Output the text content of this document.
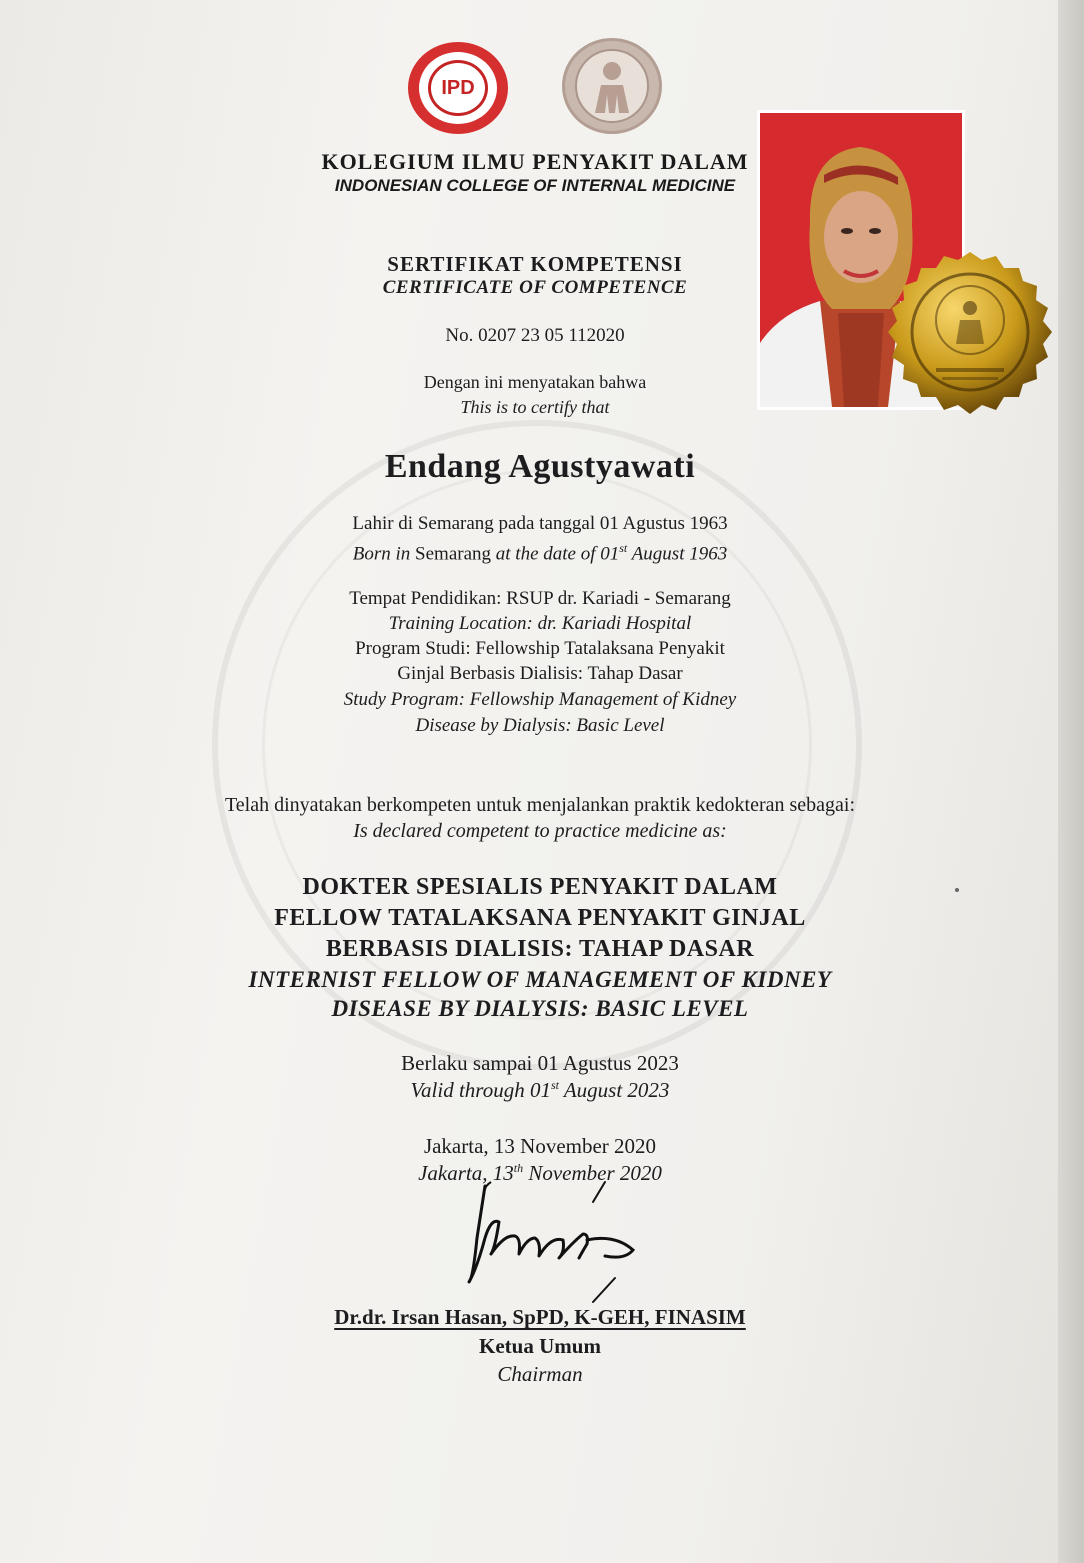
IPD
KOLEGIUM ILMU PENYAKIT DALAM
INDONESIAN COLLEGE OF INTERNAL MEDICINE
SERTIFIKAT KOMPETENSI
CERTIFICATE OF COMPETENCE
No. 0207 23 05 112020
Dengan ini menyatakan bahwa
This is to certify that
Endang Agustyawati
Lahir di Semarang pada tanggal 01 Agustus 1963
Born in Semarang at the date of 01st August 1963
Tempat Pendidikan: RSUP dr. Kariadi - Semarang
Training Location: dr. Kariadi Hospital
Program Studi: Fellowship Tatalaksana Penyakit
Ginjal Berbasis Dialisis: Tahap Dasar
Study Program: Fellowship Management of Kidney
Disease by Dialysis: Basic Level
Telah dinyatakan berkompeten untuk menjalankan praktik kedokteran sebagai:
Is declared competent to practice medicine as:
DOKTER SPESIALIS PENYAKIT DALAM
FELLOW TATALAKSANA PENYAKIT GINJAL
BERBASIS DIALISIS: TAHAP DASAR
INTERNIST FELLOW OF MANAGEMENT OF KIDNEY
DISEASE BY DIALYSIS: BASIC LEVEL
Berlaku sampai 01 Agustus 2023
Valid through 01st August 2023
Jakarta, 13 November 2020
Jakarta, 13th November 2020
Dr.dr. Irsan Hasan, SpPD, K-GEH, FINASIM
Ketua Umum
Chairman
